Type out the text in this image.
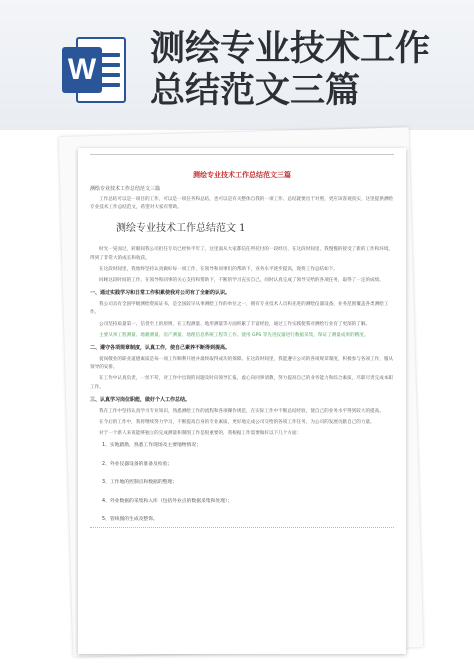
W
测绘专业技术工作
总结范文三篇
测绘专业技术工作总结范文三篇
测绘专业技术工作总结范文三篇

工作总结可以是一项目的工作，可以是一项任务和总结，也可以是有关整体自我的一项工作、总结就要出于对照，更应该客观真实，这里提供测绘专业技术工作总结范文，希望对大家有帮助。

测绘专业技术工作总结范文 1

时光一晃而过，转眼间我公司担任专员已经快半年了。这里面从大家都信任所托付的一段经历，在这段时间里，我慢慢的接受了新的工作和环境，得到了非常大的成长和收获。

在这段时间里，我始终坚持认真做好每一项工作，在领导和同事们的帮助下，业务水平逐步提高，现将工作总结如下。

回顾这段时间的工作，在领导和同事的关心支持和帮助下，不断的学习充实自己，同时认真完成了领导交给的各项任务，取得了一定的成绩。

一、通过实践学习和日常工作积累使我对公司有了全新的认识。

我公司具有全国甲级测绘资质证书，是全国较早从事测绘工作的单位之一，拥有专业技术人员和先进的测绘仪器设备，业务范围覆盖各类测绘工作。

公司坚持质量第一、信誉至上的原则，在工程测量、地形测量等方面积累了丰富经验，通过工作实践使我对测绘行业有了更深的了解。

主要从事工程测量、地籍测量、房产测量、地理信息系统工程等工作。使用 GPS 等先进仪器进行数据采集，保证了测量成果的精度。

二、遵守各项规章制度，认真工作，使自己素养不断得到提高。

爱岗敬业的职业道德素质是每一项工作顺利开展并最终取得成功的保障。在这段时间里，我能遵守公司的各项规章制度，积极参与各项工作，服从领导的安排。

在工作中认真负责，一丝不苟，对工作中出现的问题及时向领导汇报，虚心向同事请教，努力提高自己的业务能力和综合素质，尽职尽责完成本职工作。

三、认真学习岗位职能，做好个人工作总结。

我在工作中坚持认真学习专业知识，熟悉测绘工作的流程和各项操作规范，在实际工作中不断总结经验，使自己的业务水平得到较大的提高。

在今后的工作中，我将继续努力学习，不断提高自身的专业素质，更好地完成公司交给的各项工作任务，为公司的发展贡献自己的力量。

对于一个新人来说能够独立的完成测量和制图工作是很重要的，我根据工作需要做好以下几个方面：

1、实地踏勘，熟悉工作现场及主要地物情况；
2、外业仪器设备的准备及检验；
3、工作地的控制点和数据的整理；
4、外业数据的采集和入库（包括外业点的数据采集和处理）；
5、管线图的生成及整饰。
